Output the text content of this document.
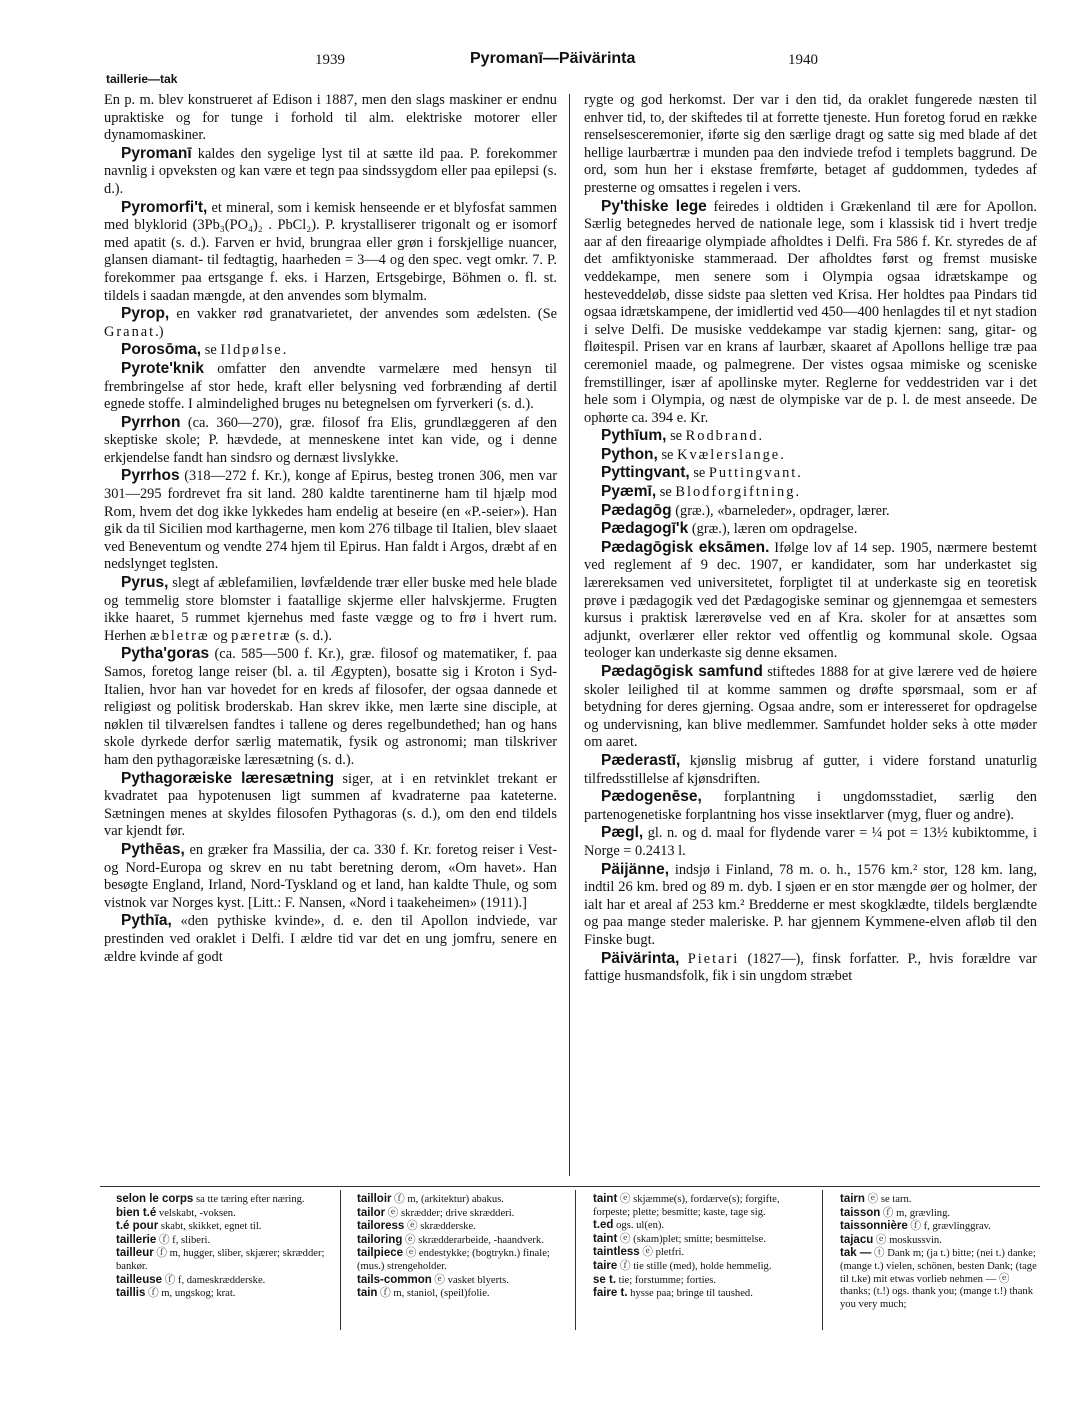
1939	Pyromanī—Päivärinta	1940
taillerie—tak

En p. m. blev konstrueret af Edison i 1887, men den slags maskiner er endnu upraktiske og for tunge i forhold til alm. elektriske motorer eller dynamomaskiner.

Pyromanī kaldes den sygelige lyst til at sætte ild paa. P. forekommer navnlig i opveksten og kan være et tegn paa sindssygdom eller paa epilepsi (s. d.).

Pyromorfi't, et mineral, som i kemisk henseende er et blyfosfat sammen med blyklorid (3Pb₃(PO₄)₂ . PbCl₂). P. krystalliserer trigonalt og er isomorf med apatit (s. d.). Farven er hvid, brungraa eller grøn i forskjellige nuancer, glansen diamant- til fedtagtig, haarheden = 3—4 og den spec. vegt omkr. 7. P. forekommer paa ertsgange f. eks. i Harzen, Ertsgebirge, Böhmen o. fl. st. tildels i saadan mængde, at den anvendes som blymalm.

Pyrop, en vakker rød granatvarietet, der anvendes som ædelsten. (Se Granat.)

Porosōma, se Ildpølse.

Pyrote'knik omfatter den anvendte varmelære med hensyn til frembringelse af stor hede, kraft eller belysning ved forbrænding af dertil egnede stoffe. I almindelighed bruges nu betegnelsen om fyrverkeri (s. d.).

Pyrrhon (ca. 360—270), græ. filosof fra Elis, grundlæggeren af den skeptiske skole; P. hævdede, at menneskene intet kan vide, og i denne erkjendelse fandt han sindsro og dernæst livslykke.

Pyrrhos (318—272 f. Kr.), konge af Epirus, besteg tronen 306, men var 301—295 fordrevet fra sit land. 280 kaldte tarentinerne ham til hjælp mod Rom, hvem det dog ikke lykkedes ham endelig at beseire (en «P.-seier»). Han gik da til Sicilien mod karthagerne, men kom 276 tilbage til Italien, blev slaaet ved Beneventum og vendte 274 hjem til Epirus. Han faldt i Argos, dræbt af en nedslynget teglsten.

Pyrus, slegt af æblefamilien, løvfældende trær eller buske med hele blade og temmelig store blomster i faatallige skjerme eller halvskjerme. Frugten ikke haaret, 5 rummet kjernehus med faste vægge og to frø i hvert rum. Herhen æbletræ og pæretræ (s. d.).

Pytha'goras (ca. 585—500 f. Kr.), græ. filosof og matematiker, f. paa Samos, foretog lange reiser (bl. a. til Ægypten), bosatte sig i Kroton i Syd-Italien, hvor han var hovedet for en kreds af filosofer, der ogsaa dannede et religiøst og politisk broderskab. Han skrev ikke, men lærte sine disciple, at nøklen til tilværelsen fandtes i tallene og deres regelbundethed; han og hans skole dyrkede derfor særlig matematik, fysik og astronomi; man tilskriver ham den pythagoræiske læresætning (s. d.).

Pythagoræiske læresætning siger, at i en retvinklet trekant er kvadratet paa hypotenusen ligt summen af kvadraterne paa kateterne. Sætningen menes at skyldes filosofen Pythagoras (s. d.), om den end tildels var kjendt før.

Pythēas, en græker fra Massilia, der ca. 330 f. Kr. foretog reiser i Vest- og Nord-Europa og skrev en nu tabt beretning derom, «Om havet». Han besøgte England, Irland, Nord-Tyskland og et land, han kaldte Thule, og som vistnok var Norges kyst. [Litt.: F. Nansen, «Nord i taakeheimen» (1911).]

Pythīa, «den pythiske kvinde», d. e. den til Apollon indviede, var prestinden ved oraklet i Delfi. I ældre tid var det en ung jomfru, senere en ældre kvinde af godt

rygte og god herkomst. Der var i den tid, da oraklet fungerede næsten til enhver tid, to, der skiftedes til at forrette tjeneste. Hun foretog forud en række renselsesceremonier, iførte sig den særlige dragt og satte sig med blade af det hellige laurbærtræ i munden paa den indviede trefod i templets baggrund. De ord, som hun her i ekstase fremførte, betaget af guddommen, tydedes af presterne og omsattes i regelen i vers.

Py'thiske lege feiredes i oldtiden i Grækenland til ære for Apollon. Særlig betegnedes herved de nationale lege, som i klassisk tid i hvert tredje aar af den fireaarige olympiade afholdtes i Delfi. Fra 586 f. Kr. styredes de af det amfiktyoniske stammeraad. Der afholdtes først og fremst musiske veddekampe, men senere som i Olympia ogsaa idrætskampe og hesteveddeløb, disse sidste paa sletten ved Krisa. Her holdtes paa Pindars tid ogsaa idrætskampene, der imidlertid ved 450—400 henlagdes til et nyt stadion i selve Delfi. De musiske veddekampe var stadig kjernen: sang, gitar- og fløitespil. Prisen var en krans af laurbær, skaaret af Apollons hellige træ paa ceremoniel maade, og palmegrene. Der vistes ogsaa mimiske og sceniske fremstillinger, især af apollinske myter. Reglerne for veddestriden var i det hele som i Olympia, og næst de olympiske var de p. l. de mest anseede. De ophørte ca. 394 e. Kr.

Pythīum, se Rodbrand.

Python, se Kvælerslange.

Pyttingvant, se Puttingvant.

Pyæmī, se Blodforgiftning.

Pædagōg (græ.), «barneleder», opdrager, lærer.

Pædagogī'k (græ.), læren om opdragelse.

Pædagōgisk eksāmen. Ifølge lov af 14 sep. 1905, nærmere bestemt ved reglement af 9 dec. 1907, er kandidater, som har underkastet sig lærereksamen ved universitetet, forpligtet til at underkaste sig en teoretisk prøve i pædagogik ved det Pædagogiske seminar og gjennemgaa et semesters kursus i praktisk lærerøvelse ved en af Kra. skoler for at ansættes som adjunkt, overlærer eller rektor ved offentlig og kommunal skole. Ogsaa teologer kan underkaste sig denne eksamen.

Pædagōgisk samfund stiftedes 1888 for at give lærere ved de høiere skoler leilighed til at komme sammen og drøfte spørsmaal, som er af betydning for deres gjerning. Ogsaa andre, som er interesseret for opdragelse og undervisning, kan blive medlemmer. Samfundet holder seks à otte møder om aaret.

Pæderastī, kjønslig misbrug af gutter, i videre forstand unaturlig tilfredsstillelse af kjønsdriften.

Pædogenēse, forplantning i ungdomsstadiet, særlig den partenogenetiske forplantning hos visse insektlarver (myg, fluer og andre).

Pægl, gl. n. og d. maal for flydende varer = ¼ pot = 13½ kubiktomme, i Norge = 0.2413 l.

Päijänne, indsjø i Finland, 78 m. o. h., 1576 km.² stor, 128 km. lang, indtil 26 km. bred og 89 m. dyb. I sjøen er en stor mængde øer og holmer, der ialt har et areal af 253 km.² Bredderne er mest skogklædte, tildels berglændte og paa mange steder maleriske. P. har gjennem Kymmene-elven afløb til den Finske bugt.

Päivärinta, Pietari (1827—), finsk forfatter. P., hvis forældre var fattige husmandsfolk, fik i sin ungdom stræbet

selon le corps sa tte tæring efter næring.

bien t.é velskabt, -voksen.

t.é pour skabt, skikket, egnet til.

taillerie ⓕ f, sliberi.

tailleur ⓕ m, hugger, sliber, skjærer; skrædder; bankør.

tailleuse ⓕ f, dameskrædderske.

taillis ⓕ m, ungskog; krat.

tailloir ⓕ m, (arkitektur) abakus.

tailor ⓔ skrædder; drive skrædderi.

tailoress ⓔ skrædderske.

tailoring ⓔ skrædderarbeide, -haandverk.

tailpiece ⓔ endestykke; (bogtrykn.) finale; (mus.) strengeholder.

tails-common ⓔ vasket blyerts.

tain ⓕ m, staniol, (speil)folie.

taint ⓔ skjæmme(s), fordærve(s); forgifte, forpeste; plette; besmitte; kaste, tage sig.

t.ed ogs. ul(en).

taint ⓔ (skam)plet; smitte; besmittelse.

taintless ⓔ pletfri.

taire ⓕ tie stille (med), holde hemmelig.

se t. tie; forstumme; forties.

faire t. hysse paa; bringe til taushed.

tairn ⓔ se tarn.

taisson ⓕ m, grævling.

taissonnière ⓕ f, grævlinggrav.

tajacu ⓔ moskussvin.

tak — ⓣ Dank m; (ja t.) bitte; (nei t.) danke; (mange t.) vielen, schönen, besten Dank; (tage til t.ke) mit etwas vorlieb nehmen — ⓔ thanks; (t.!) ogs. thank you; (mange t.!) thank you very much;
